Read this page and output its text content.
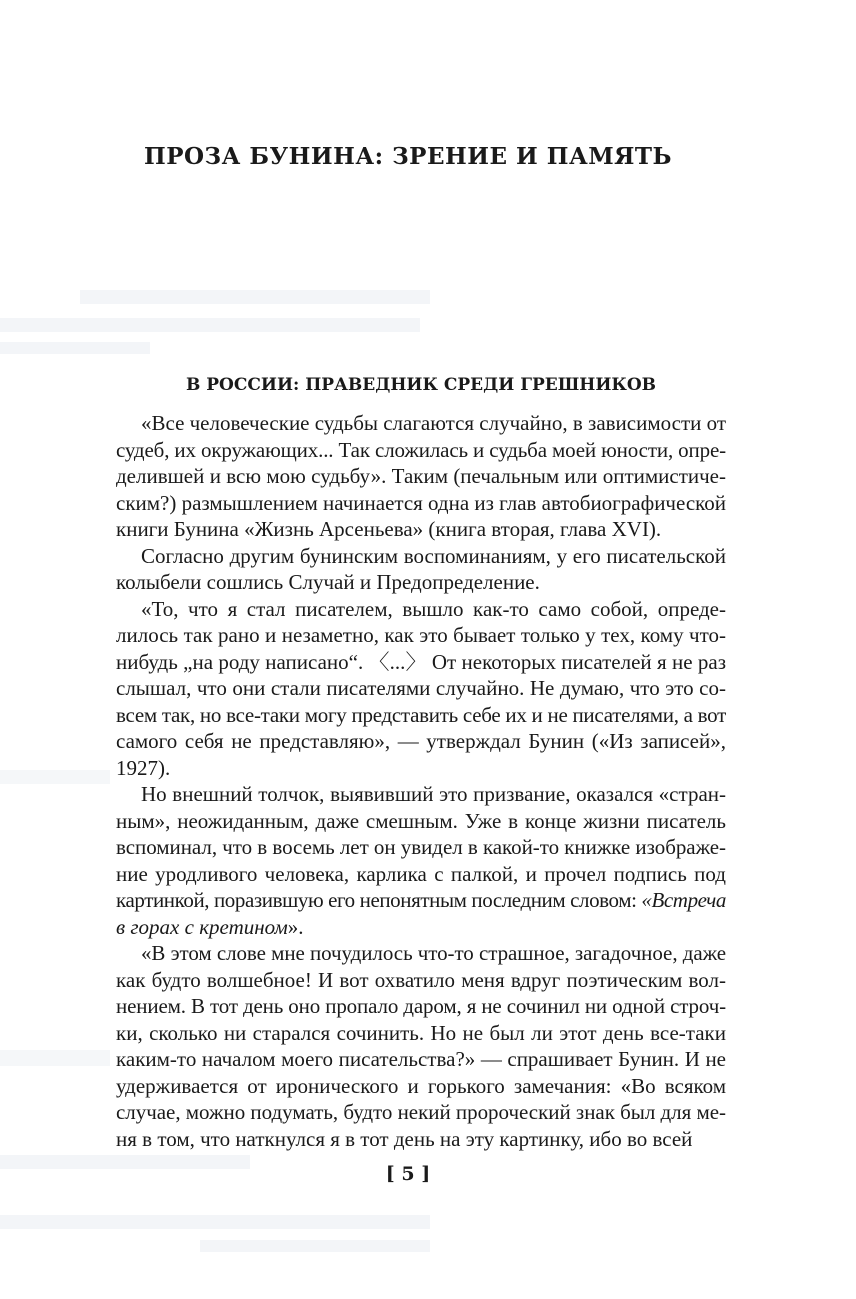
ПРОЗА БУНИНА: ЗРЕНИЕ И ПАМЯТЬ
В РОССИИ: ПРАВЕДНИК СРЕДИ ГРЕШНИКОВ

«Все человеческие судьбы слагаются случайно, в зависимости от
судеб, их окружающих... Так сложилась и судьба моей юности, опре-
делившей и всю мою судьбу». Таким (печальным или оптимистиче-
ским?) размышлением начинается одна из глав автобиографической
книги Бунина «Жизнь Арсеньева» (книга вторая, глава XVI).

Согласно другим бунинским воспоминаниям, у его писательской
колыбели сошлись Случай и Предопределение.

«То, что я стал писателем, вышло как-то само собой, опреде-
лилось так рано и незаметно, как это бывает только у тех, кому что-
нибудь „на роду написано“. 〈...〉 От некоторых писателей я не раз
слышал, что они стали писателями случайно. Не думаю, что это со-
всем так, но все-таки могу представить себе их и не писателями, а вот
самого себя не представляю», — утверждал Бунин («Из записей»,
1927).

Но внешний толчок, выявивший это призвание, оказался «стран-
ным», неожиданным, даже смешным. Уже в конце жизни писатель
вспоминал, что в восемь лет он увидел в какой-то книжке изображе-
ние уродливого человека, карлика с палкой, и прочел подпись под
картинкой, поразившую его непонятным последним словом: «Встреча
в горах с кретином».

«В этом слове мне почудилось что-то страшное, загадочное, даже
как будто волшебное! И вот охватило меня вдруг поэтическим вол-
нением. В тот день оно пропало даром, я не сочинил ни одной строч-
ки, сколько ни старался сочинить. Но не был ли этот день все-таки
каким-то началом моего писательства?» — спрашивает Бунин. И не
удерживается от иронического и горького замечания: «Во всяком
случае, можно подумать, будто некий пророческий знак был для ме-
ня в том, что наткнулся я в тот день на эту картинку, ибо во всей

[ 5 ]
